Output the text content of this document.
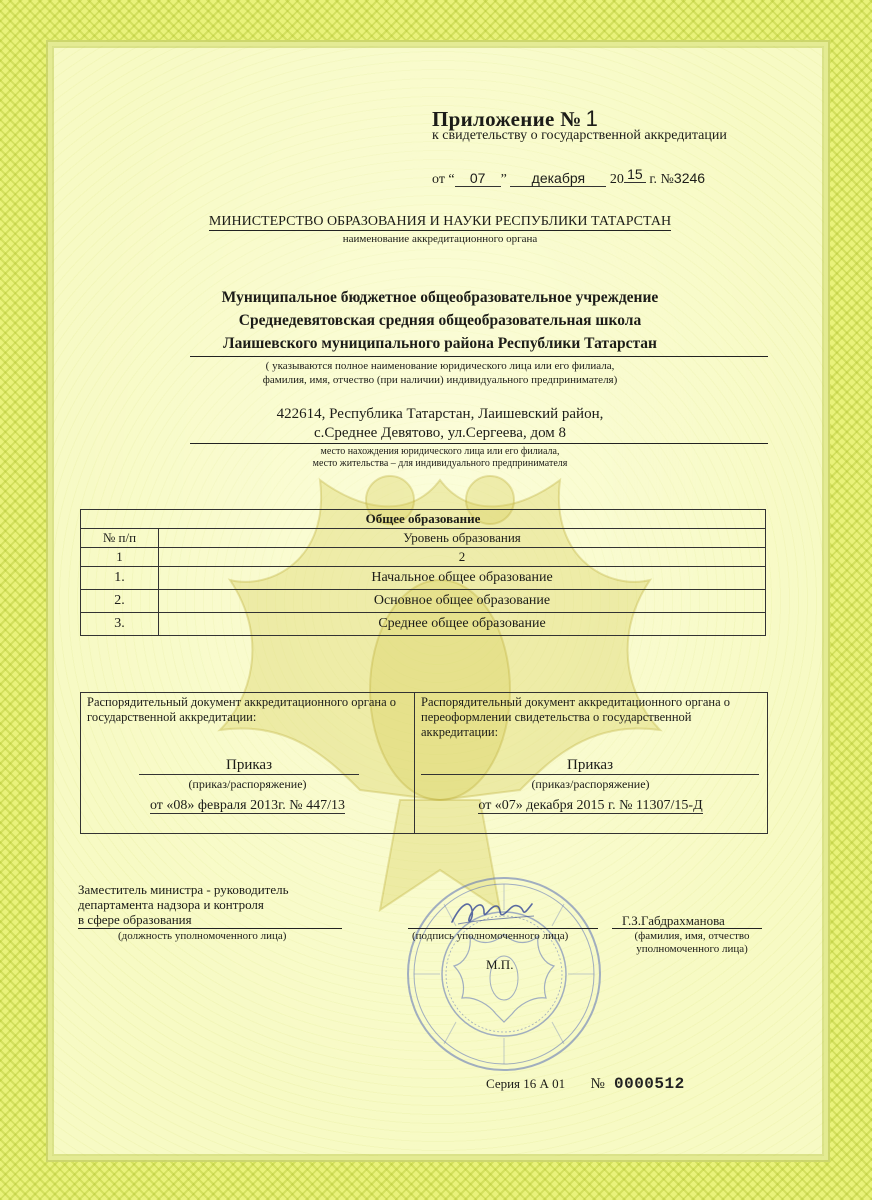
Приложение № 1
к свидетельству о государственной аккредитации
от “ 07 ” декабря 20 15 г. №3246
МИНИСТЕРСТВО ОБРАЗОВАНИЯ И НАУКИ РЕСПУБЛИКИ ТАТАРСТАН
наименование аккредитационного органа
Муниципальное бюджетное общеобразовательное учреждение
Среднедевятовская средняя общеобразовательная школа
Лаишевского муниципального района Республики Татарстан
( указываются полное наименование юридического лица или его филиала,
фамилия, имя, отчество (при наличии) индивидуального предпринимателя)
422614, Республика Татарстан, Лаишевский район,
с.Среднее Девятово, ул.Сергеева, дом 8
место нахождения юридического лица или его филиала,
место жительства – для индивидуального предпринимателя
Общее образование	
№ п/п	Уровень образования
1	2
1.	Начальное общее образование
2.	Основное общее образование
3.	Среднее общее образование
Распорядительный документ аккредитационного органа о государственной аккредитации:
Приказ
(приказ/распоряжение)
от «08» февраля 2013г. № 447/13
Распорядительный документ аккредитационного органа о переоформлении свидетельства о государственной аккредитации:
Приказ
(приказ/распоряжение)
от «07» декабря 2015 г. № 11307/15-Д
Заместитель министра - руководитель
департамента надзора и контроля
в сфере образования
(должность уполномоченного лица)	(подпись уполномоченного лица)
Г.З.Габдрахманова
(фамилия, имя, отчество уполномоченного лица)
М.П.
Серия 16 А 01 № 0000512
